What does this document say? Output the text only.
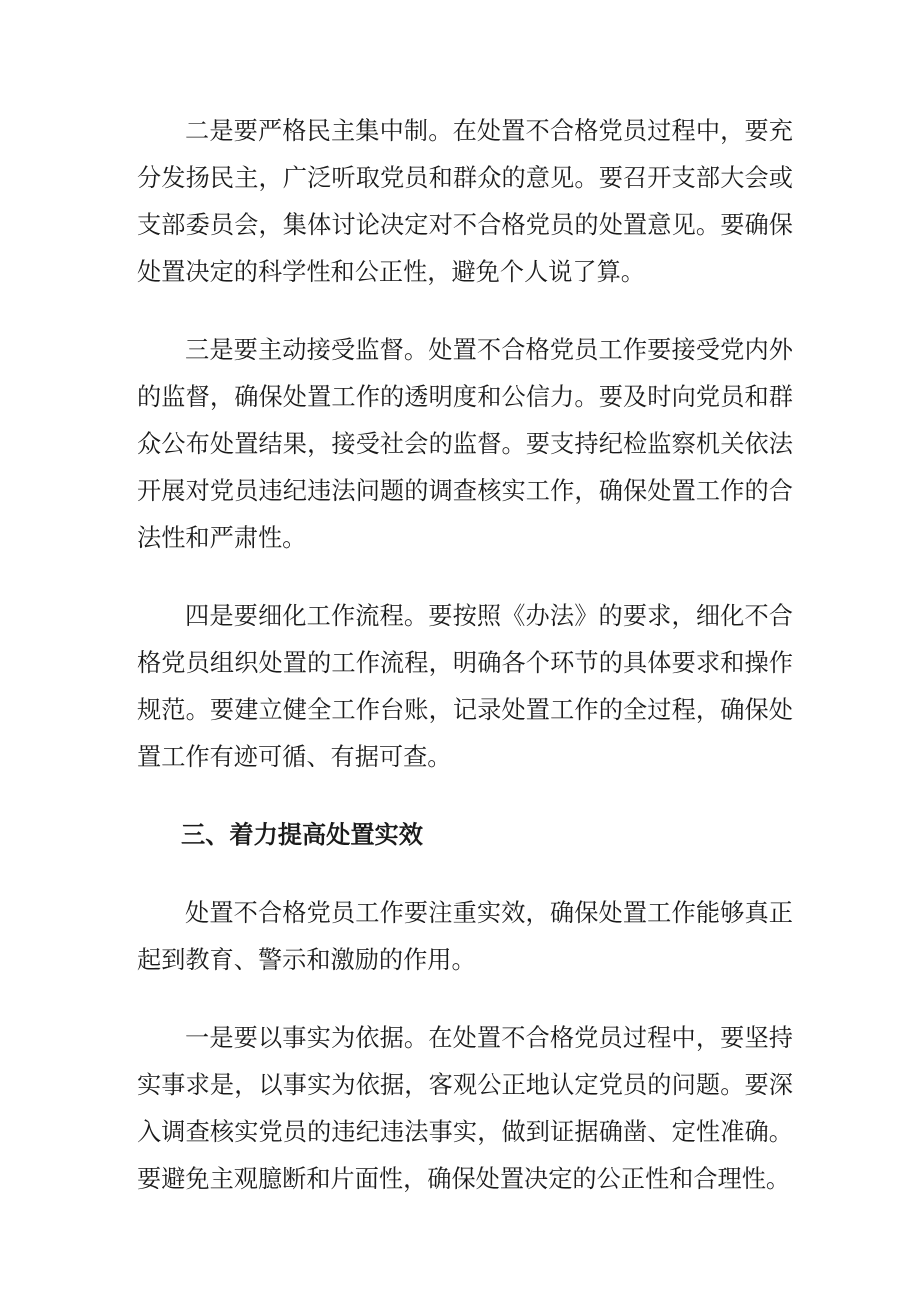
二是要严格民主集中制。在处置不合格党员过程中，要充分发扬民主，广泛听取党员和群众的意见。要召开支部大会或支部委员会，集体讨论决定对不合格党员的处置意见。要确保处置决定的科学性和公正性，避免个人说了算。

三是要主动接受监督。处置不合格党员工作要接受党内外的监督，确保处置工作的透明度和公信力。要及时向党员和群众公布处置结果，接受社会的监督。要支持纪检监察机关依法开展对党员违纪违法问题的调查核实工作，确保处置工作的合法性和严肃性。

四是要细化工作流程。要按照《办法》的要求，细化不合格党员组织处置的工作流程，明确各个环节的具体要求和操作规范。要建立健全工作台账，记录处置工作的全过程，确保处置工作有迹可循、有据可查。

三、着力提高处置实效

处置不合格党员工作要注重实效，确保处置工作能够真正起到教育、警示和激励的作用。

一是要以事实为依据。在处置不合格党员过程中，要坚持实事求是，以事实为依据，客观公正地认定党员的问题。要深入调查核实党员的违纪违法事实，做到证据确凿、定性准确。要避免主观臆断和片面性，确保处置决定的公正性和合理性。
